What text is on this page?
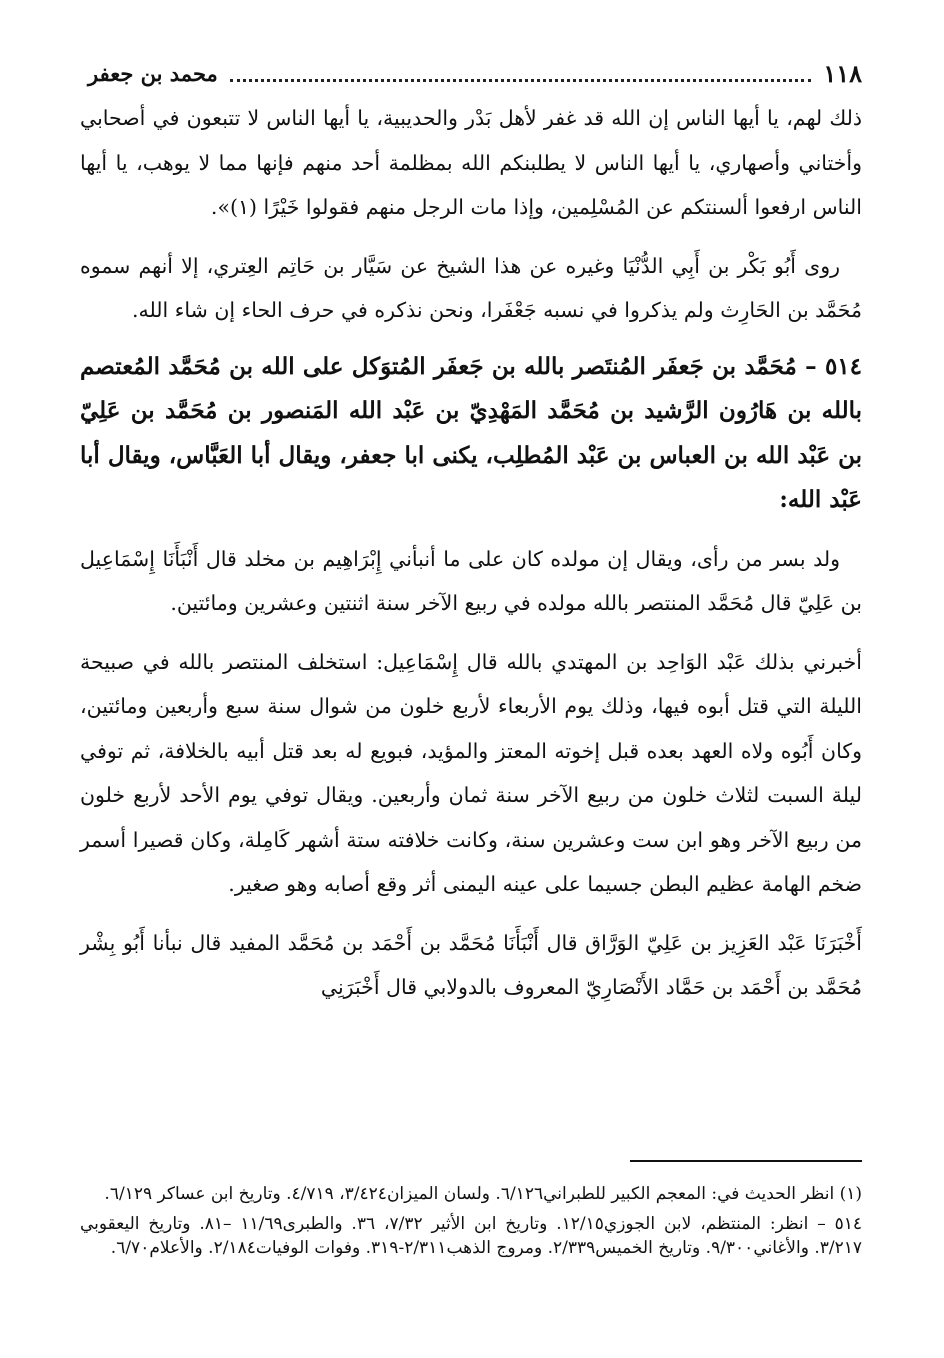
١١٨
محمد بن جعفر

ذلك لهم، يا أيها الناس إن الله قد غفر لأهل بَدْر والحديبية، يا أيها الناس لا تتبعون في أصحابي وأختاني وأصهاري، يا أيها الناس لا يطلبنكم الله بمظلمة أحد منهم فإنها مما لا يوهب، يا أيها الناس ارفعوا ألسنتكم عن المُسْلِمين، وإذا مات الرجل منهم فقولوا خَيْرًا (١)».

روى أَبُو بَكْر بن أَبِي الدُّنْيَا وغيره عن هذا الشيخ عن سَيَّار بن حَاتِم العِتري، إلا أنهم سموه مُحَمَّد بن الحَارِث ولم يذكروا في نسبه جَعْفَرا، ونحن نذكره في حرف الحاء إن شاء الله.

٥١٤ – مُحَمَّد بن جَعفَر المُنتَصر بالله بن جَعفَر المُتوَكل على الله بن مُحَمَّد المُعتصم بالله بن هَارُون الرَّشيد بن مُحَمَّد المَهْدِيّ بن عَبْد الله المَنصور بن مُحَمَّد بن عَلِيّ بن عَبْد الله بن العباس بن عَبْد المُطلِب، يكنى ابا جعفر، ويقال أبا العَبَّاس، ويقال أبا عَبْد الله:

ولد بسر من رأى، ويقال إن مولده كان على ما أنبأني إِبْرَاهِيم بن مخلد قال أَنْبَأَنَا إِسْمَاعِيل بن عَلِيّ قال مُحَمَّد المنتصر بالله مولده في ربيع الآخر سنة اثنتين وعشرين ومائتين.

أخبرني بذلك عَبْد الوَاحِد بن المهتدي بالله قال إِسْمَاعِيل: استخلف المنتصر بالله في صبيحة الليلة التي قتل أبوه فيها، وذلك يوم الأربعاء لأربع خلون من شوال سنة سبع وأربعين ومائتين، وكان أَبُوه ولاه العهد بعده قبل إخوته المعتز والمؤيد، فبويع له بعد قتل أبيه بالخلافة، ثم توفي ليلة السبت لثلاث خلون من ربيع الآخر سنة ثمان وأربعين. ويقال توفي يوم الأحد لأربع خلون من ربيع الآخر وهو ابن ست وعشرين سنة، وكانت خلافته ستة أشهر كَامِلة، وكان قصيرا أسمر ضخم الهامة عظيم البطن جسيما على عينه اليمنى أثر وقع أصابه وهو صغير.

أَخْبَرَنَا عَبْد العَزِيز بن عَلِيّ الوَرَّاق قال أَنْبَأَنَا مُحَمَّد بن أَحْمَد بن مُحَمَّد المفيد قال نبأنا أَبُو بِشْر مُحَمَّد بن أَحْمَد بن حَمَّاد الأَنْصَارِيّ المعروف بالدولابي قال أَخْبَرَنِي

(١) انظر الحديث في: المعجم الكبير للطبراني٦/١٢٦. ولسان الميزان٣/٤٢٤، ٤/٧١٩. وتاريخ ابن عساكر ٦/١٢٩.

٥١٤ – انظر: المنتظم، لابن الجوزي١٢/١٥. وتاريخ ابن الأثير ٧/٣٢، ٣٦. والطبرى١١/٦٩ –٨١. وتاريخ اليعقوبي ٣/٢١٧. والأغاني٩/٣٠٠. وتاريخ الخميس٢/٣٣٩. ومروج الذهب٢/٣١١-٣١٩. وفوات الوفيات٢/١٨٤. والأعلام٦/٧٠.
